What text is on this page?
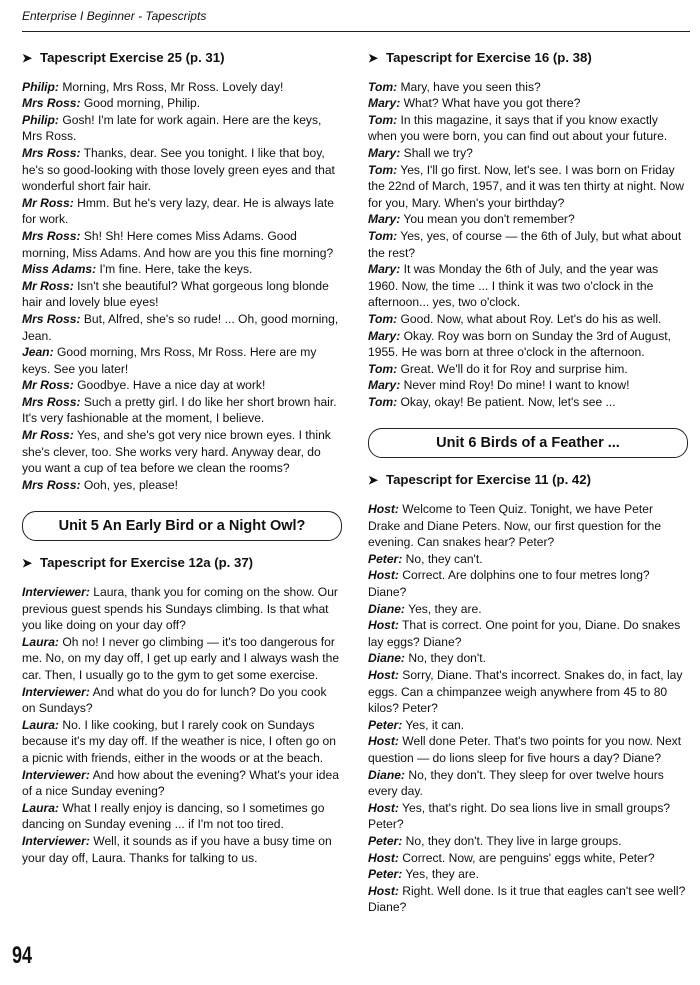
Enterprise I Beginner - Tapescripts
➤ Tapescript Exercise 25 (p. 31)

Philip: Morning, Mrs Ross, Mr Ross. Lovely day!

Mrs Ross: Good morning, Philip.

Philip: Gosh! I'm late for work again. Here are the keys, Mrs Ross.

Mrs Ross: Thanks, dear. See you tonight. I like that boy, he's so good-looking with those lovely green eyes and that wonderful short fair hair.

Mr Ross: Hmm. But he's very lazy, dear. He is always late for work.

Mrs Ross: Sh! Sh! Here comes Miss Adams. Good morning, Miss Adams. And how are you this fine morning?

Miss Adams: I'm fine. Here, take the keys.

Mr Ross: Isn't she beautiful? What gorgeous long blonde hair and lovely blue eyes!

Mrs Ross: But, Alfred, she's so rude! ... Oh, good morning, Jean.

Jean: Good morning, Mrs Ross, Mr Ross. Here are my keys. See you later!

Mr Ross: Goodbye. Have a nice day at work!

Mrs Ross: Such a pretty girl. I do like her short brown hair. It's very fashionable at the moment, I believe.

Mr Ross: Yes, and she's got very nice brown eyes. I think she's clever, too. She works very hard. Anyway dear, do you want a cup of tea before we clean the rooms?

Mrs Ross: Ooh, yes, please!

Unit 5 An Early Bird or a Night Owl?
➤ Tapescript for Exercise 12a (p. 37)

Interviewer: Laura, thank you for coming on the show. Our previous guest spends his Sundays climbing. Is that what you like doing on your day off?

Laura: Oh no! I never go climbing — it's too dangerous for me. No, on my day off, I get up early and I always wash the car. Then, I usually go to the gym to get some exercise.

Interviewer: And what do you do for lunch? Do you cook on Sundays?

Laura: No. I like cooking, but I rarely cook on Sundays because it's my day off. If the weather is nice, I often go on a picnic with friends, either in the woods or at the beach.

Interviewer: And how about the evening? What's your idea of a nice Sunday evening?

Laura: What I really enjoy is dancing, so I sometimes go dancing on Sunday evening ... if I'm not too tired.

Interviewer: Well, it sounds as if you have a busy time on your day off, Laura. Thanks for talking to us.

➤ Tapescript for Exercise 16 (p. 38)

Tom: Mary, have you seen this?

Mary: What? What have you got there?

Tom: In this magazine, it says that if you know exactly when you were born, you can find out about your future.

Mary: Shall we try?

Tom: Yes, I'll go first. Now, let's see. I was born on Friday the 22nd of March, 1957, and it was ten thirty at night. Now for you, Mary. When's your birthday?

Mary: You mean you don't remember?

Tom: Yes, yes, of course — the 6th of July, but what about the rest?

Mary: It was Monday the 6th of July, and the year was 1960. Now, the time ... I think it was two o'clock in the afternoon... yes, two o'clock.

Tom: Good. Now, what about Roy. Let's do his as well.

Mary: Okay. Roy was born on Sunday the 3rd of August, 1955. He was born at three o'clock in the afternoon.

Tom: Great. We'll do it for Roy and surprise him.

Mary: Never mind Roy! Do mine! I want to know!

Tom: Okay, okay! Be patient. Now, let's see ...

Unit 6 Birds of a Feather ...
➤ Tapescript for Exercise 11 (p. 42)

Host: Welcome to Teen Quiz. Tonight, we have Peter Drake and Diane Peters. Now, our first question for the evening. Can snakes hear? Peter?

Peter: No, they can't.

Host: Correct. Are dolphins one to four metres long? Diane?

Diane: Yes, they are.

Host: That is correct. One point for you, Diane. Do snakes lay eggs? Diane?

Diane: No, they don't.

Host: Sorry, Diane. That's incorrect. Snakes do, in fact, lay eggs. Can a chimpanzee weigh anywhere from 45 to 80 kilos? Peter?

Peter: Yes, it can.

Host: Well done Peter. That's two points for you now. Next question — do lions sleep for five hours a day? Diane?

Diane: No, they don't. They sleep for over twelve hours every day.

Host: Yes, that's right. Do sea lions live in small groups? Peter?

Peter: No, they don't. They live in large groups.

Host: Correct. Now, are penguins' eggs white, Peter?

Peter: Yes, they are.

Host: Right. Well done. Is it true that eagles can't see well? Diane?

94
